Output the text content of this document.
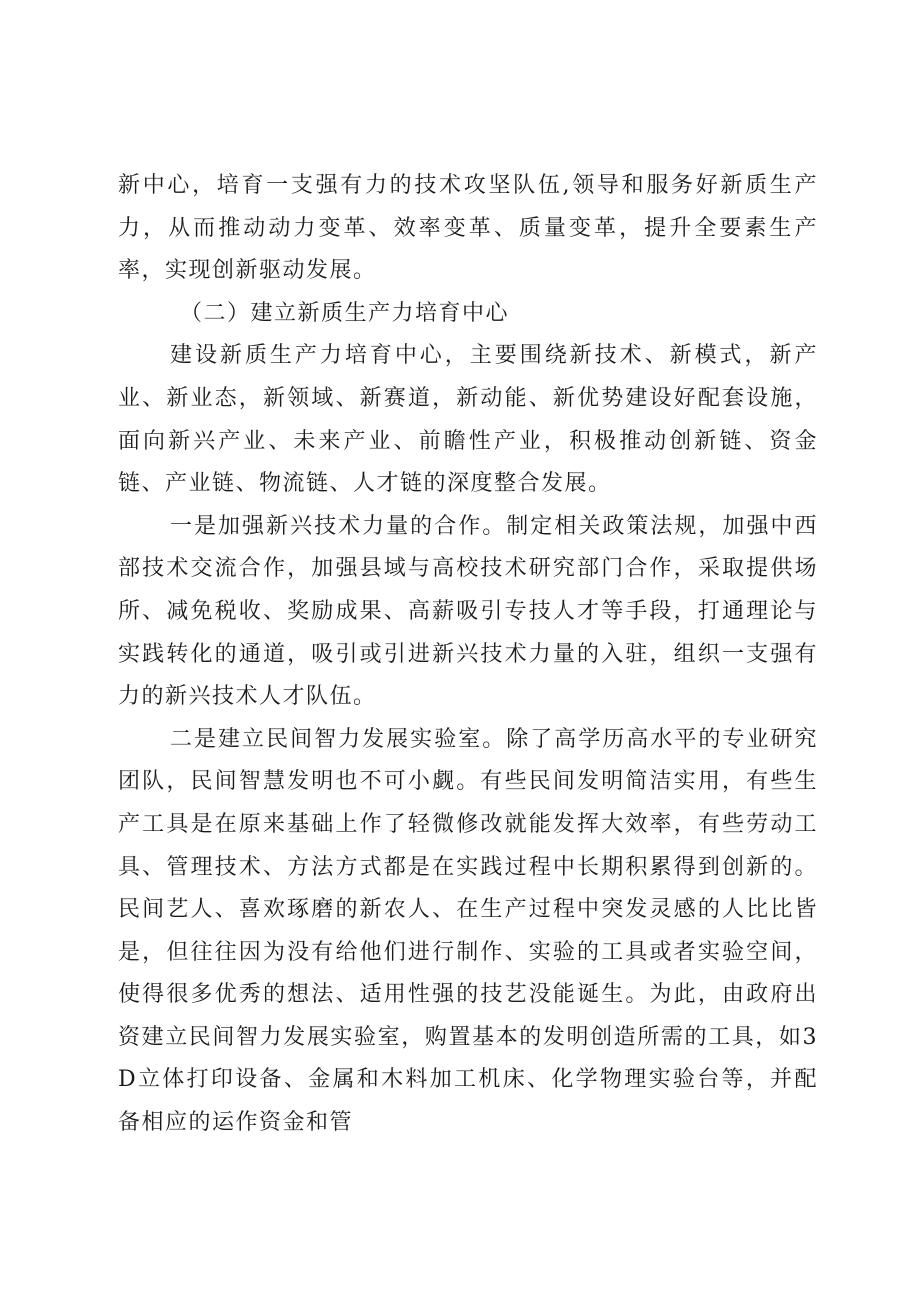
新中心，培育一支强有力的技术攻坚队伍,领导和服务好新质生产力，从而推动动力变革、效率变革、质量变革，提升全要素生产率，实现创新驱动发展。

（二）建立新质生产力培育中心

建设新质生产力培育中心，主要围绕新技术、新模式，新产业、新业态，新领域、新赛道，新动能、新优势建设好配套设施，面向新兴产业、未来产业、前瞻性产业，积极推动创新链、资金链、产业链、物流链、人才链的深度整合发展。

一是加强新兴技术力量的合作。制定相关政策法规，加强中西部技术交流合作，加强县域与高校技术研究部门合作，采取提供场所、减免税收、奖励成果、高薪吸引专技人才等手段，打通理论与实践转化的通道，吸引或引进新兴技术力量的入驻，组织一支强有力的新兴技术人才队伍。

二是建立民间智力发展实验室。除了高学历高水平的专业研究团队，民间智慧发明也不可小觑。有些民间发明简洁实用，有些生产工具是在原来基础上作了轻微修改就能发挥大效率，有些劳动工具、管理技术、方法方式都是在实践过程中长期积累得到创新的。民间艺人、喜欢琢磨的新农人、在生产过程中突发灵感的人比比皆是，但往往因为没有给他们进行制作、实验的工具或者实验空间，使得很多优秀的想法、适用性强的技艺没能诞生。为此，由政府出资建立民间智力发展实验室，购置基本的发明创造所需的工具，如3D立体打印设备、金属和木料加工机床、化学物理实验台等，并配备相应的运作资金和管
